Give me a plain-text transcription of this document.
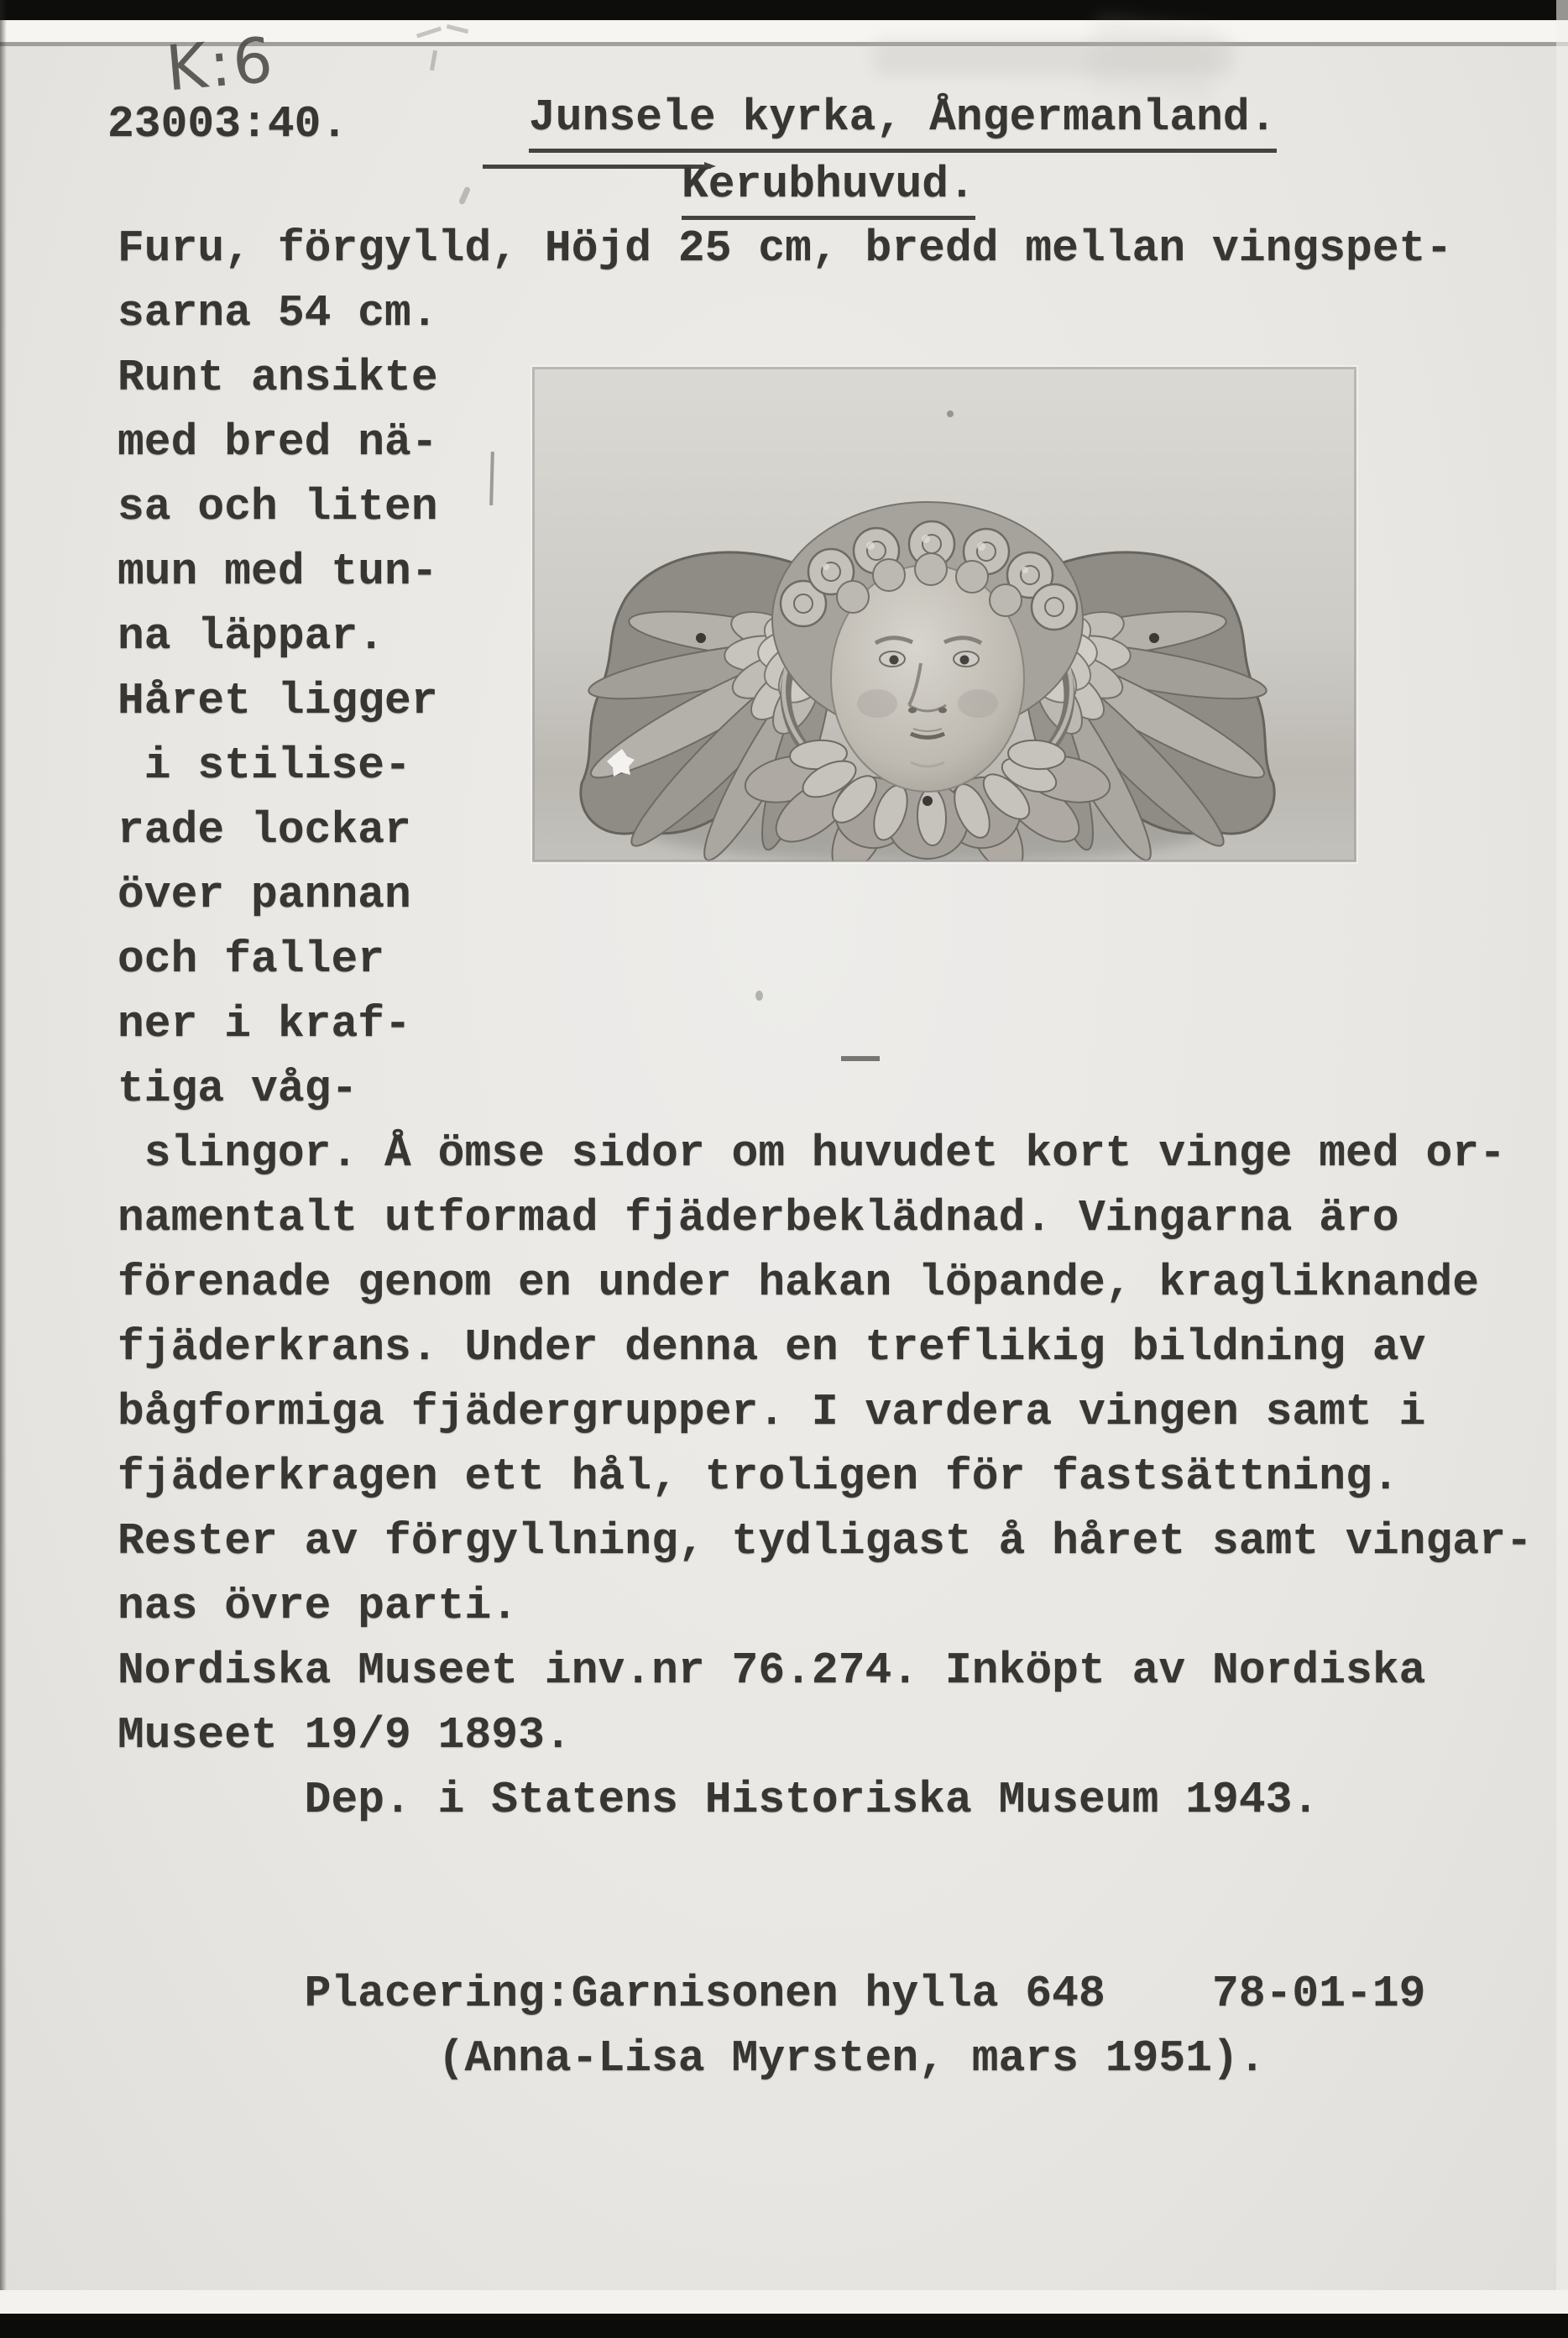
K:6
23003:40.	Junsele kyrka, Ångermanland.
Kerubhuvud.
Furu, förgylld, Höjd 25 cm, bredd mellan vingspet-
sarna 54 cm.
Runt ansikte
med bred nä-
sa och liten
mun med tun-
na läppar.
Håret ligger
i stilise-
rade lockar
över pannan
och faller
ner i kraf-
tiga våg-
slingor. Å ömse sidor om huvudet kort vinge med or-
namentalt utformad fjäderbeklädnad. Vingarna äro
förenade genom en under hakan löpande, kragliknande
fjäderkrans. Under denna en treflikig bildning av
bågformiga fjädergrupper. I vardera vingen samt i
fjäderkragen ett hål, troligen för fastsättning.
Rester av förgyllning, tydligast å håret samt vingar-
nas övre parti.
Nordiska Museet inv.nr 76.274. Inköpt av Nordiska
Museet 19/9 1893.
Dep. i Statens Historiska Museum 1943.
Placering:Garnisonen hylla 648    78-01-19
(Anna-Lisa Myrsten, mars 1951).
